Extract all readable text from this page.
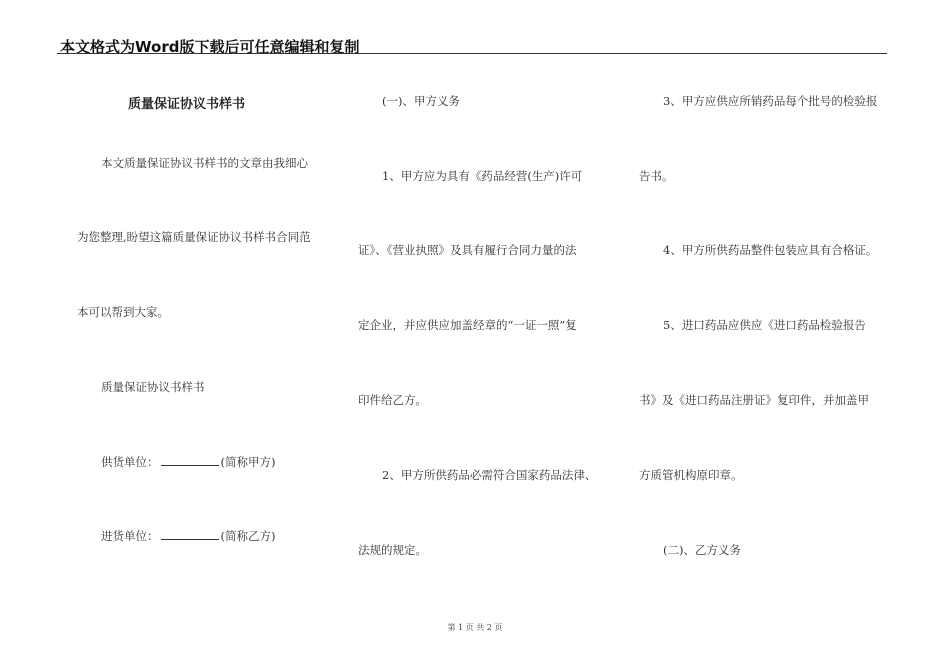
本文格式为Word版下载后可任意编辑和复制
质量保证协议书样书
本文质量保证协议书样书的文章由我细心
为您整理,盼望这篇质量保证协议书样书合同范
本可以帮到大家。
质量保证协议书样书
供货单位：	(简称甲方)
进货单位：	(简称乙方)
(一)、甲方义务
1、甲方应为具有《药品经营(生产)许可
证》、《营业执照》及具有履行合同力量的法
定企业，并应供应加盖经章的“一证一照”复
印件给乙方。
2、甲方所供药品必需符合国家药品法律、
法规的规定。
3、甲方应供应所销药品每个批号的检验报
告书。
4、甲方所供药品整件包装应具有合格证。
5、进口药品应供应《进口药品检验报告
书》及《进口药品注册证》复印件，并加盖甲
方质管机构原印章。
(二)、乙方义务
第 1 页 共 2 页
